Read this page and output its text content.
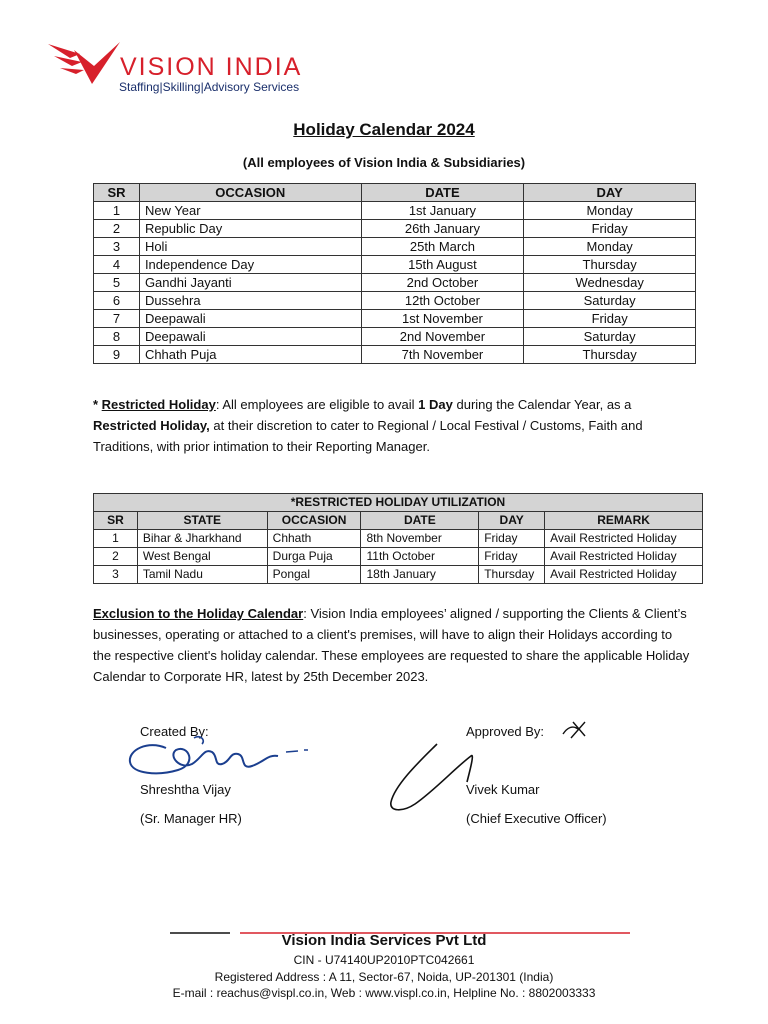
VISION INDIA
Staffing|Skilling|Advisory Services
Holiday Calendar 2024
(All employees of Vision India & Subsidiaries)
SR	OCCASION	DATE	DAY
1	New Year	1st January	Monday
2	Republic Day	26th January	Friday
3	Holi	25th March	Monday
4	Independence Day	15th August	Thursday
5	Gandhi Jayanti	2nd October	Wednesday
6	Dussehra	12th October	Saturday
7	Deepawali	1st November	Friday
8	Deepawali	2nd November	Saturday
9	Chhath Puja	7th November	Thursday

* Restricted Holiday: All employees are eligible to avail 1 Day during the Calendar Year, as a Restricted Holiday, at their discretion to cater to Regional / Local Festival / Customs, Faith and Traditions, with prior intimation to their Reporting Manager.

*RESTRICTED HOLIDAY UTILIZATION					
SR	STATE	OCCASION	DATE	DAY	REMARK
1	Bihar & Jharkhand	Chhath	8th November	Friday	Avail Restricted Holiday
2	West Bengal	Durga Puja	11th October	Friday	Avail Restricted Holiday
3	Tamil Nadu	Pongal	18th January	Thursday	Avail Restricted Holiday

Exclusion to the Holiday Calendar: Vision India employees’ aligned / supporting the Clients & Client’s businesses, operating or attached to a client's premises, will have to align their Holidays according to the respective client's holiday calendar. These employees are requested to share the applicable Holiday Calendar to Corporate HR, latest by 25th December 2023.

Created By:
Shreshtha Vijay
(Sr. Manager HR)
Approved By:
Vivek Kumar
(Chief Executive Officer)
Vision India Services Pvt Ltd
CIN - U74140UP2010PTC042661
Registered Address : A 11, Sector-67, Noida, UP-201301 (India)
E-mail : reachus@vispl.co.in, Web : www.vispl.co.in, Helpline No. : 8802003333
